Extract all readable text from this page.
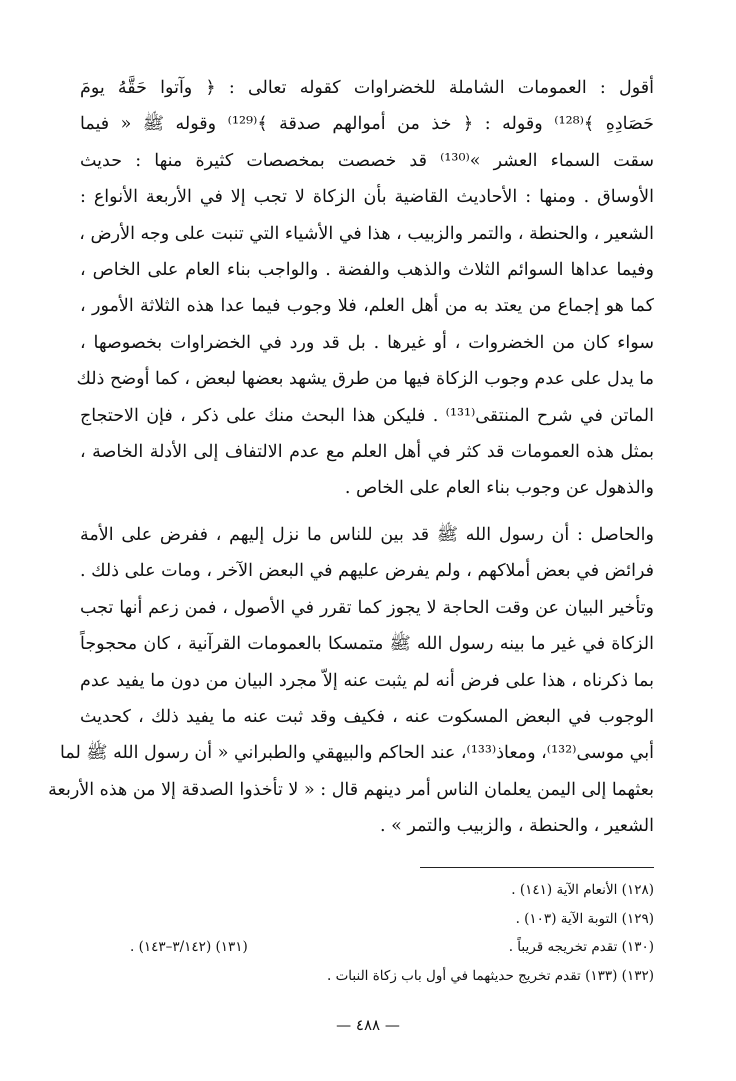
أقول : العمومات الشاملة للخضراوات كقوله تعالى : ﴿ وآتوا حَقَّهُ يومَ
حَصَادِهِ ﴾⁽¹²⁸⁾ وقوله : ﴿ خذ من أموالهم صدقة ﴾⁽¹²⁹⁾ وقوله ﷺ « فيما
سقت السماء العشر »⁽¹³⁰⁾ قد خصصت بمخصصات كثيرة منها : حديث
الأوساق . ومنها : الأحاديث القاضية بأن الزكاة لا تجب إلا في الأربعة الأنواع :
الشعير ، والحنطة ، والتمر والزبيب ، هذا في الأشياء التي تنبت على وجه الأرض ،
وفيما عداها السوائم الثلاث والذهب والفضة . والواجب بناء العام على الخاص ،
كما هو إجماع من يعتد به من أهل العلم، فلا وجوب فيما عدا هذه الثلاثة الأمور ،
سواء كان من الخضروات ، أو غيرها . بل قد ورد في الخضراوات بخصوصها ،
ما يدل على عدم وجوب الزكاة فيها من طرق يشهد بعضها لبعض ، كما أوضح ذلك
الماتن في شرح المنتقى⁽¹³¹⁾ . فليكن هذا البحث منك على ذكر ، فإن الاحتجاج
بمثل هذه العمومات قد كثر في أهل العلم مع عدم الالتفاف إلى الأدلة الخاصة ،
والذهول عن وجوب بناء العام على الخاص .
والحاصل : أن رسول الله ﷺ قد بين للناس ما نزل إليهم ، ففرض على الأمة
فرائض في بعض أملاكهم ، ولم يفرض عليهم في البعض الآخر ، ومات على ذلك .
وتأخير البيان عن وقت الحاجة لا يجوز كما تقرر في الأصول ، فمن زعم أنها تجب
الزكاة في غير ما بينه رسول الله ﷺ متمسكا بالعمومات القرآنية ، كان محجوجاً
بما ذكرناه ، هذا على فرض أنه لم يثبت عنه إلاّ مجرد البيان من دون ما يفيد عدم
الوجوب في البعض المسكوت عنه ، فكيف وقد ثبت عنه ما يفيد ذلك ، كحديث
أبي موسى⁽¹³²⁾، ومعاذ⁽¹³³⁾، عند الحاكم والبيهقي والطبراني « أن رسول الله ﷺ لما
بعثهما إلى اليمن يعلمان الناس أمر دينهم قال : « لا تأخذوا الصدقة إلا من هذه الأربعة
الشعير ، والحنطة ، والزبيب والتمر » .
(١٢٨) الأنعام الآية (١٤١) .
(١٢٩) التوبة الآية (١٠٣) .
(١٣٠) تقدم تخريجه قريباً .
(١٣١) (٣/١٤٢–١٤٣) .
(١٣٢) (١٣٣) تقدم تخريج حديثهما في أول باب زكاة النبات .
— ٤٨٨ —
